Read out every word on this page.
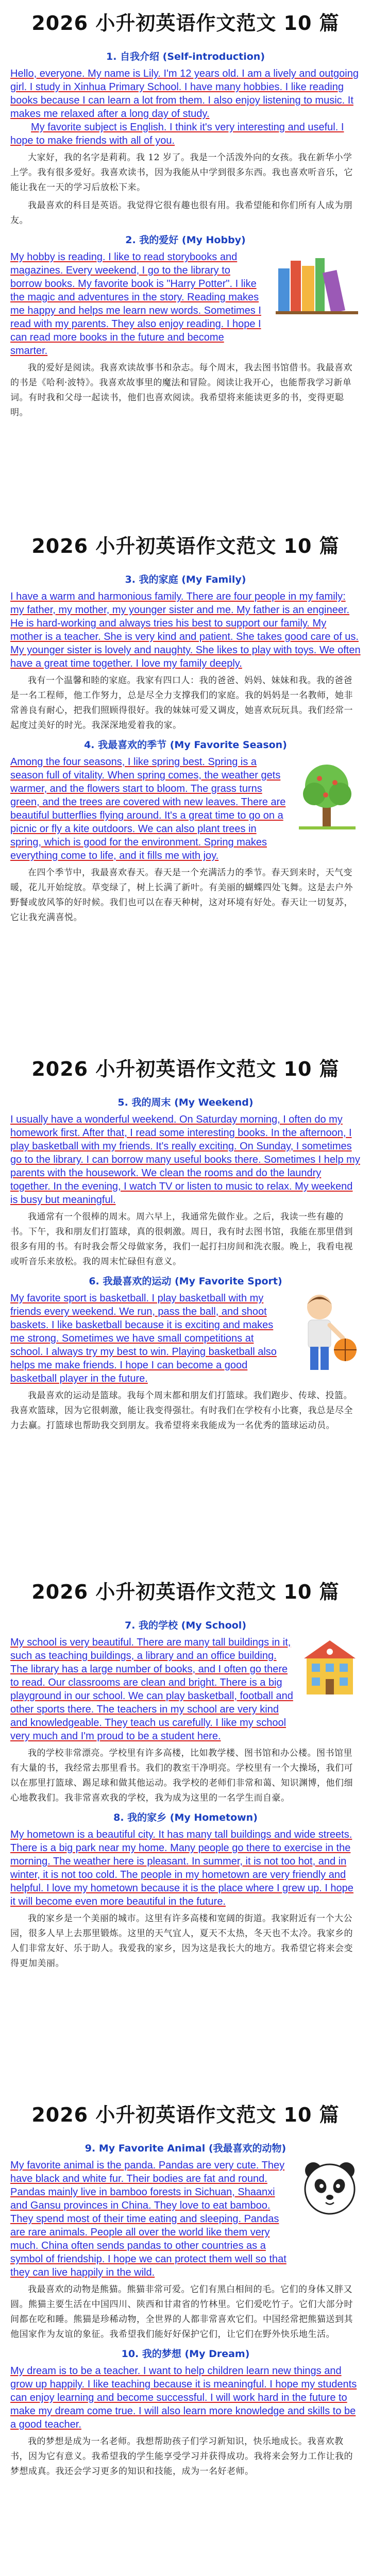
2026 小升初英语作文范文 10 篇
1. 自我介绍 (Self-introduction)

Hello, everyone. My name is Lily. I'm 12 years old. I am a lively and outgoing girl. I study in Xinhua Primary School. I have many hobbies. I like reading books because I can learn a lot from them. I also enjoy listening to music. It makes me relaxed after a long day of study.

My favorite subject is English. I think it's very interesting and useful. I hope to make friends with all of you.

大家好，我的名字是莉莉。我 12 岁了。我是一个活泼外向的女孩。我在新华小学上学。我有很多爱好。我喜欢读书，因为我能从中学到很多东西。我也喜欢听音乐，它能让我在一天的学习后放松下来。

我最喜欢的科目是英语。我觉得它很有趣也很有用。我希望能和你们所有人成为朋友。

2. 我的爱好 (My Hobby)

My hobby is reading. I like to read storybooks and magazines. Every weekend, I go to the library to borrow books. My favorite book is "Harry Potter". I like the magic and adventures in the story. Reading makes me happy and helps me learn new words. Sometimes I read with my parents. They also enjoy reading. I hope I can read more books in the future and become smarter.

我的爱好是阅读。我喜欢读故事书和杂志。每个周末，我去图书馆借书。我最喜欢的书是《哈利·波特》。我喜欢故事里的魔法和冒险。阅读让我开心，也能帮我学习新单词。有时我和父母一起读书，他们也喜欢阅读。我希望将来能读更多的书，变得更聪明。

2026 小升初英语作文范文 10 篇
3. 我的家庭 (My Family)

I have a warm and harmonious family. There are four people in my family: my father, my mother, my younger sister and me. My father is an engineer. He is hard-working and always tries his best to support our family. My mother is a teacher. She is very kind and patient. She takes good care of us. My younger sister is lovely and naughty. She likes to play with toys. We often have a great time together. I love my family deeply.

我有一个温馨和睦的家庭。我家有四口人：我的爸爸、妈妈、妹妹和我。我的爸爸是一名工程师，他工作努力，总是尽全力支撑我们的家庭。我的妈妈是一名教师，她非常善良有耐心，把我们照顾得很好。我的妹妹可爱又调皮，她喜欢玩玩具。我们经常一起度过美好的时光。我深深地爱着我的家。

4. 我最喜欢的季节 (My Favorite Season)

Among the four seasons, I like spring best. Spring is a season full of vitality. When spring comes, the weather gets warmer, and the flowers start to bloom. The grass turns green, and the trees are covered with new leaves. There are beautiful butterflies flying around. It's a great time to go on a picnic or fly a kite outdoors. We can also plant trees in spring, which is good for the environment. Spring makes everything come to life, and it fills me with joy.

在四个季节中，我最喜欢春天。春天是一个充满活力的季节。春天到来时，天气变暖，花儿开始绽放。草变绿了，树上长满了新叶。有美丽的蝴蝶四处飞舞。这是去户外野餐或放风筝的好时候。我们也可以在春天种树，这对环境有好处。春天让一切复苏，它让我充满喜悦。

2026 小升初英语作文范文 10 篇
5. 我的周末 (My Weekend)

I usually have a wonderful weekend. On Saturday morning, I often do my homework first. After that, I read some interesting books. In the afternoon, I play basketball with my friends. It's really exciting. On Sunday, I sometimes go to the library. I can borrow many useful books there. Sometimes I help my parents with the housework. We clean the rooms and do the laundry together. In the evening, I watch TV or listen to music to relax. My weekend is busy but meaningful.

我通常有一个很棒的周末。周六早上，我通常先做作业。之后，我读一些有趣的书。下午，我和朋友们打篮球，真的很刺激。周日，我有时去图书馆，我能在那里借到很多有用的书。有时我会帮父母做家务，我们一起打扫房间和洗衣服。晚上，我看电视或听音乐来放松。我的周末忙碌但有意义。

6. 我最喜欢的运动 (My Favorite Sport)

My favorite sport is basketball. I play basketball with my friends every weekend. We run, pass the ball, and shoot baskets. I like basketball because it is exciting and makes me strong. Sometimes we have small competitions at school. I always try my best to win. Playing basketball also helps me make friends. I hope I can become a good basketball player in the future.

我最喜欢的运动是篮球。我每个周末都和朋友们打篮球。我们跑步、传球、投篮。我喜欢篮球，因为它很刺激，能让我变得强壮。有时我们在学校有小比赛，我总是尽全力去赢。打篮球也帮助我交到朋友。我希望将来我能成为一名优秀的篮球运动员。

2026 小升初英语作文范文 10 篇
7. 我的学校 (My School)

My school is very beautiful. There are many tall buildings in it, such as teaching buildings, a library and an office building. The library has a large number of books, and I often go there to read. Our classrooms are clean and bright. There is a big playground in our school. We can play basketball, football and other sports there. The teachers in my school are very kind and knowledgeable. They teach us carefully. I like my school very much and I'm proud to be a student here.

我的学校非常漂亮。学校里有许多高楼，比如教学楼、图书馆和办公楼。图书馆里有大量的书，我经常去那里看书。我们的教室干净明亮。学校里有一个大操场，我们可以在那里打篮球、踢足球和做其他运动。我学校的老师们非常和蔼、知识渊博，他们细心地教我们。我非常喜欢我的学校，我为成为这里的一名学生而自豪。

8. 我的家乡 (My Hometown)

My hometown is a beautiful city. It has many tall buildings and wide streets. There is a big park near my home. Many people go there to exercise in the morning. The weather here is pleasant. In summer, it is not too hot, and in winter, it is not too cold. The people in my hometown are very friendly and helpful. I love my hometown because it is the place where I grew up. I hope it will become even more beautiful in the future.

我的家乡是一个美丽的城市。这里有许多高楼和宽阔的街道。我家附近有一个大公园，很多人早上去那里锻炼。这里的天气宜人，夏天不太热，冬天也不太冷。我家乡的人们非常友好、乐于助人。我爱我的家乡，因为这是我长大的地方。我希望它将来会变得更加美丽。

2026 小升初英语作文范文 10 篇
9. My Favorite Animal (我最喜欢的动物)

My favorite animal is the panda. Pandas are very cute. They have black and white fur. Their bodies are fat and round. Pandas mainly live in bamboo forests in Sichuan, Shaanxi and Gansu provinces in China. They love to eat bamboo. They spend most of their time eating and sleeping. Pandas are rare animals. People all over the world like them very much. China often sends pandas to other countries as a symbol of friendship. I hope we can protect them well so that they can live happily in the wild.

我最喜欢的动物是熊猫。熊猫非常可爱。它们有黑白相间的毛。它们的身体又胖又圆。熊猫主要生活在中国四川、陕西和甘肃省的竹林里。它们爱吃竹子。它们大部分时间都在吃和睡。熊猫是珍稀动物，全世界的人都非常喜欢它们。中国经常把熊猫送到其他国家作为友谊的象征。我希望我们能好好保护它们，让它们在野外快乐地生活。

10. 我的梦想 (My Dream)

My dream is to be a teacher. I want to help children learn new things and grow up happily. I like teaching because it is meaningful. I hope my students can enjoy learning and become successful. I will work hard in the future to make my dream come true. I will also learn more knowledge and skills to be a good teacher.

我的梦想是成为一名老师。我想帮助孩子们学习新知识，快乐地成长。我喜欢教书，因为它有意义。我希望我的学生能享受学习并获得成功。我将来会努力工作让我的梦想成真。我还会学习更多的知识和技能，成为一名好老师。
